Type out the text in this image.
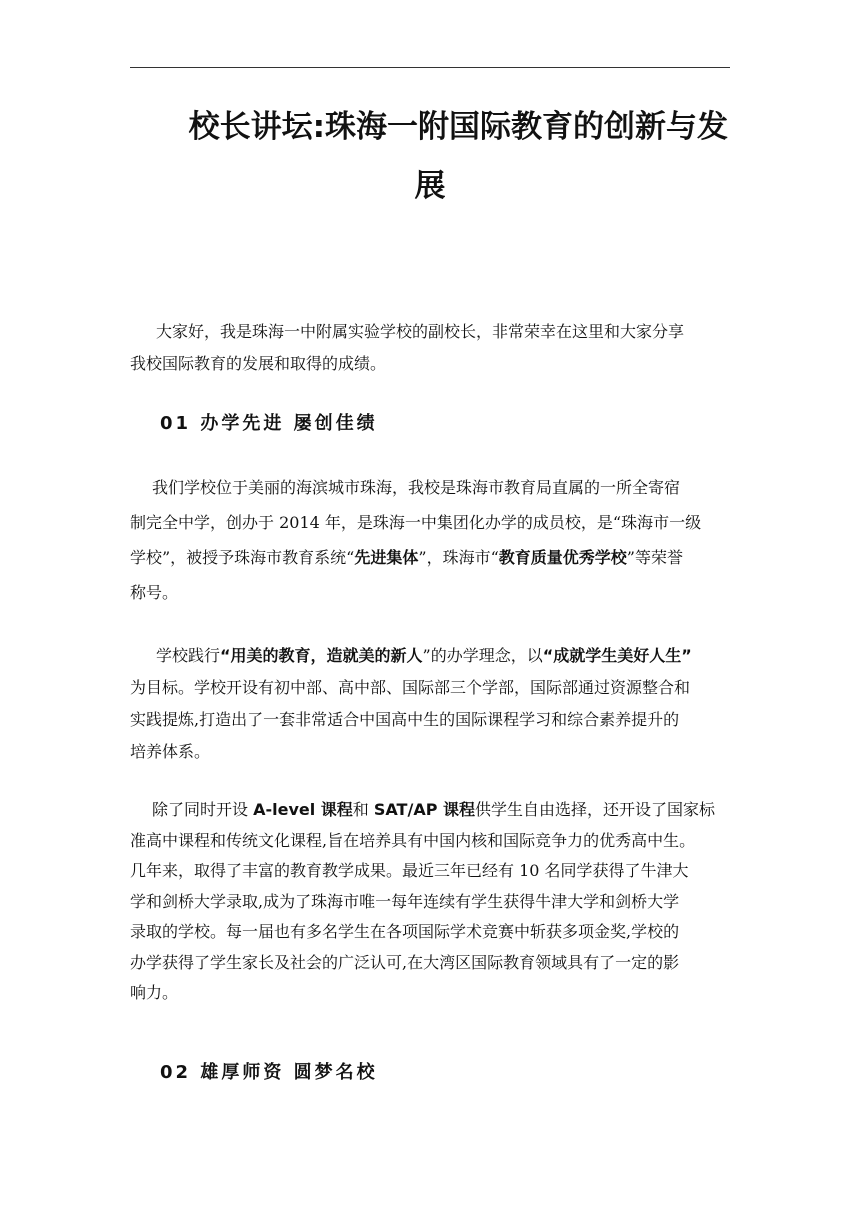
校长讲坛:珠海一附国际教育的创新与发
展
大家好，我是珠海一中附属实验学校的副校长，非常荣幸在这里和大家分享
我校国际教育的发展和取得的成绩。
01 办学先进 屡创佳绩
我们学校位于美丽的海滨城市珠海，我校是珠海市教育局直属的一所全寄宿
制完全中学，创办于 2014 年，是珠海一中集团化办学的成员校，是“珠海市一级
学校”，被授予珠海市教育系统“先进集体”，珠海市“教育质量优秀学校”等荣誉
称号。
学校践行“用美的教育，造就美的新人”的办学理念，以“成就学生美好人生”
为目标。学校开设有初中部、高中部、国际部三个学部，国际部通过资源整合和
实践提炼,打造出了一套非常适合中国高中生的国际课程学习和综合素养提升的
培养体系。
除了同时开设 A-level 课程和 SAT/AP 课程供学生自由选择，还开设了国家标
准高中课程和传统文化课程,旨在培养具有中国内核和国际竞争力的优秀高中生。
几年来，取得了丰富的教育教学成果。最近三年已经有 10 名同学获得了牛津大
学和剑桥大学录取,成为了珠海市唯一每年连续有学生获得牛津大学和剑桥大学
录取的学校。每一届也有多名学生在各项国际学术竞赛中斩获多项金奖,学校的
办学获得了学生家长及社会的广泛认可,在大湾区国际教育领域具有了一定的影
响力。
02 雄厚师资 圆梦名校
